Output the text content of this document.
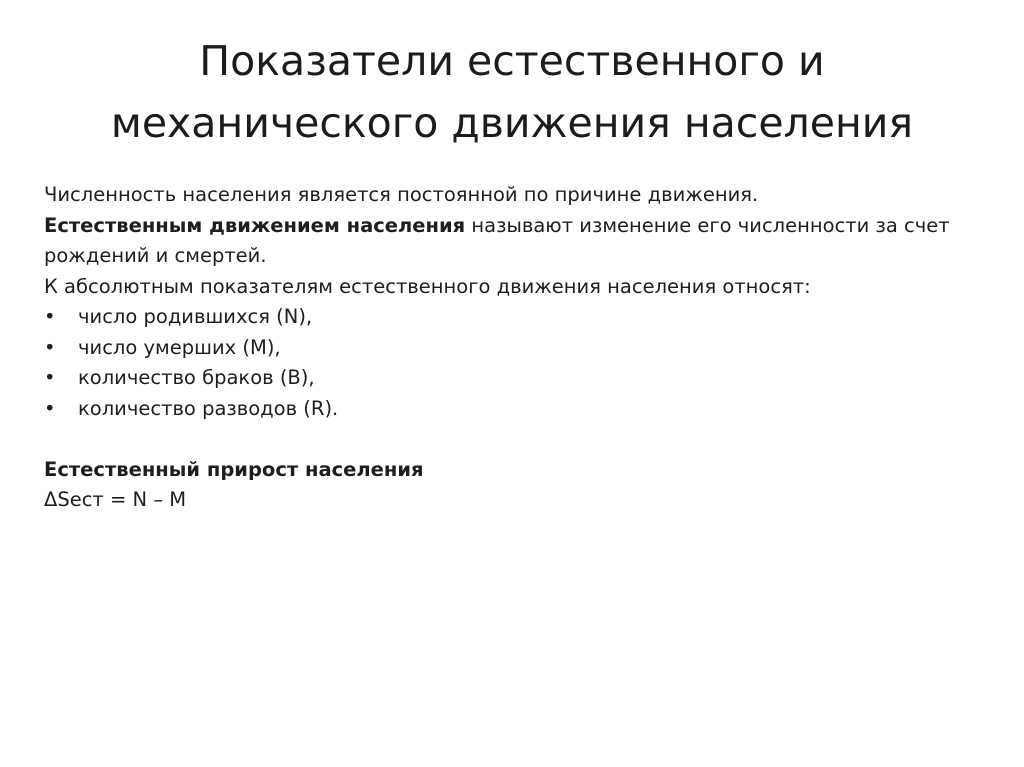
Показатели естественного и
механического движения населения

Численность населения является постоянной по причине движения.

Естественным движением населения называют изменение его численности за счет рождений и смертей.

К абсолютным показателям естественного движения населения относят:

• число родившихся (N),
• число умерших (M),
• количество браков (B),
• количество разводов (R).

Естественный прирост населения

ΔSест = N – M
